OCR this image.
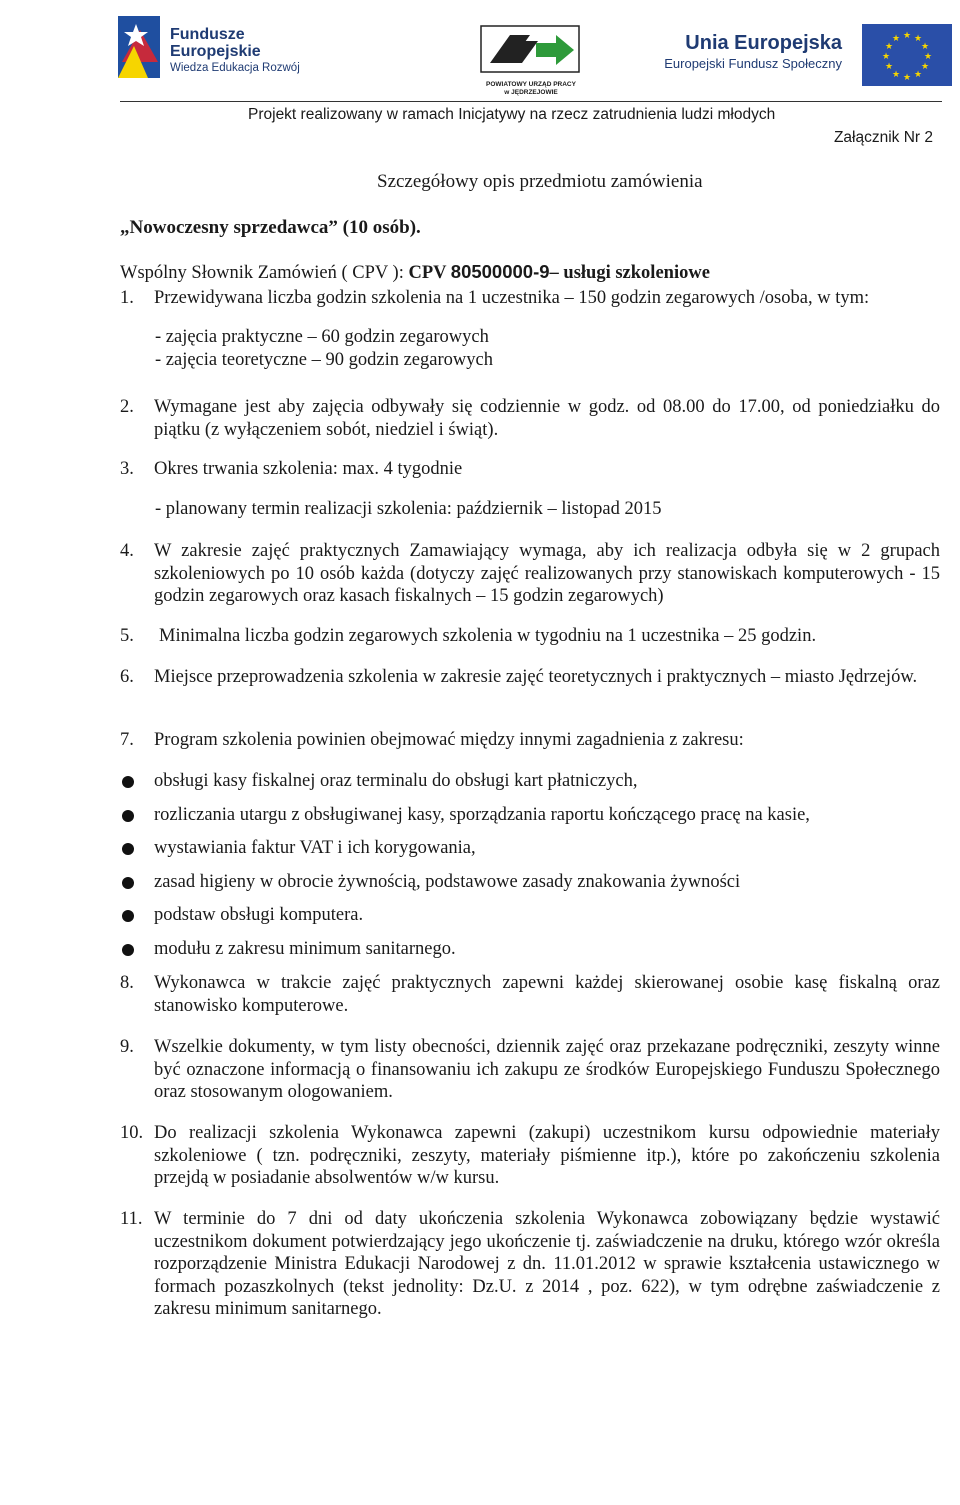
Fundusze
Europejskie
Wiedza Edukacja Rozwój
POWIATOWY URZĄD PRACY
w JĘDRZEJOWIE
Unia Europejska
Europejski Fundusz Społeczny
★ ★
★
★
★
★
★
★
★
★
★
★
Projekt realizowany w ramach Inicjatywy na rzecz zatrudnienia ludzi młodych
Załącznik Nr 2
Szczegółowy opis przedmiotu zamówienia
„Nowoczesny sprzedawca” (10 osób).
Wspólny Słownik Zamówień ( CPV ): CPV 80500000-9– usługi szkoleniowe
1. Przewidywana liczba godzin szkolenia na 1 uczestnika – 150 godzin zegarowych /osoba, w tym:
- zajęcia praktyczne – 60 godzin zegarowych
- zajęcia teoretyczne – 90 godzin zegarowych
2. Wymagane jest aby zajęcia odbywały się codziennie w godz. od 08.00 do 17.00, od poniedziałku do piątku (z wyłączeniem sobót, niedziel i świąt).
3. Okres trwania szkolenia: max. 4 tygodnie
- planowany termin realizacji szkolenia: październik – listopad 2015
4. W zakresie zajęć praktycznych Zamawiający wymaga, aby ich realizacja odbyła się w 2 grupach szkoleniowych po 10 osób każda (dotyczy zajęć realizowanych przy stanowiskach komputerowych - 15 godzin zegarowych oraz kasach fiskalnych – 15 godzin zegarowych)
5. Minimalna liczba godzin zegarowych szkolenia w tygodniu na 1 uczestnika – 25 godzin.
6. Miejsce przeprowadzenia szkolenia w zakresie zajęć teoretycznych i praktycznych – miasto Jędrzejów.
7. Program szkolenia powinien obejmować między innymi zagadnienia z zakresu:
obsługi kasy fiskalnej oraz terminalu do obsługi kart płatniczych,
rozliczania utargu z obsługiwanej kasy, sporządzania raportu kończącego pracę na kasie,
wystawiania faktur VAT i ich korygowania,
zasad higieny w obrocie żywnością, podstawowe zasady znakowania żywności
podstaw obsługi komputera.
modułu z zakresu minimum sanitarnego.
8. Wykonawca w trakcie zajęć praktycznych zapewni każdej skierowanej osobie kasę fiskalną oraz stanowisko komputerowe.
9. Wszelkie dokumenty, w tym listy obecności, dziennik zajęć oraz przekazane podręczniki, zeszyty winne być oznaczone informacją o finansowaniu ich zakupu ze środków Europejskiego Funduszu Społecznego oraz stosowanym ologowaniem.
10. Do realizacji szkolenia Wykonawca zapewni (zakupi) uczestnikom kursu odpowiednie materiały szkoleniowe ( tzn. podręczniki, zeszyty, materiały piśmienne itp.), które po zakończeniu szkolenia przejdą w posiadanie absolwentów w/w kursu.
11. W terminie do 7 dni od daty ukończenia szkolenia Wykonawca zobowiązany będzie wystawić uczestnikom dokument potwierdzający jego ukończenie tj. zaświadczenie na druku, którego wzór określa rozporządzenie Ministra Edukacji Narodowej z dn. 11.01.2012 w sprawie kształcenia ustawicznego w formach pozaszkolnych (tekst jednolity: Dz.U. z 2014 , poz. 622), w tym odrębne zaświadczenie z zakresu minimum sanitarnego.
